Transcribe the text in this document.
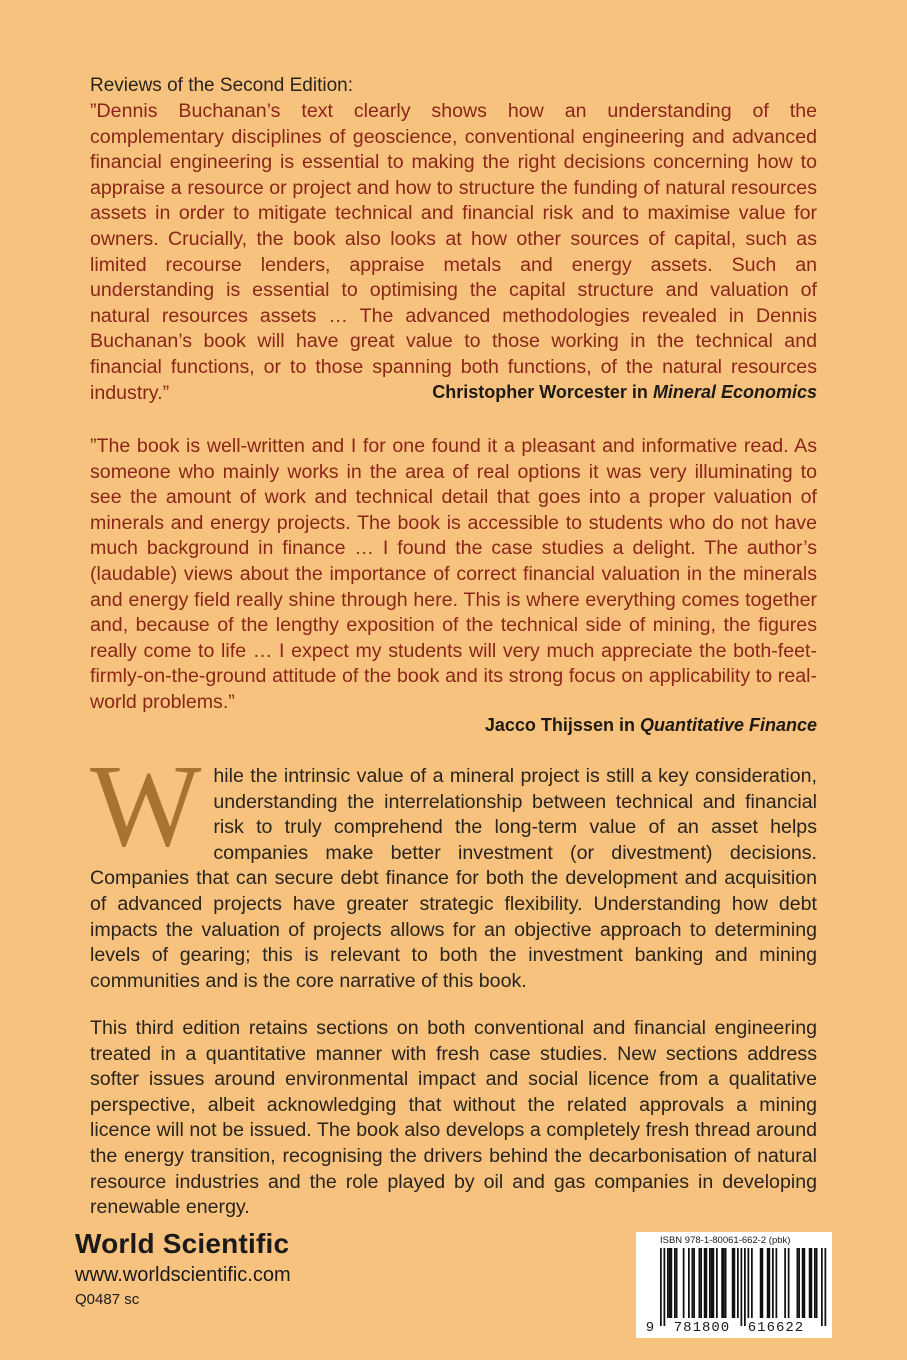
Reviews of the Second Edition:

”Dennis Buchanan’s text clearly shows how an understanding of the complementary disciplines of geoscience, conventional engineering and advanced financial engineering is essential to making the right decisions concerning how to appraise a resource or project and how to structure the funding of natural resources assets in order to mitigate technical and financial risk and to maximise value for owners. Crucially, the book also looks at how other sources of capital, such as limited recourse lenders, appraise metals and energy assets. Such an understanding is essential to optimising the capital structure and valuation of natural resources assets … The advanced methodologies revealed in Dennis Buchanan’s book will have great value to those working in the technical and financial functions, or to those spanning both functions, of the natural resources industry.”	Christopher Worcester in Mineral Economics

”The book is well-written and I for one found it a pleasant and informative read. As someone who mainly works in the area of real options it was very illuminating to see the amount of work and technical detail that goes into a proper valuation of minerals and energy projects. The book is accessible to students who do not have much background in finance … I found the case studies a delight. The author’s (laudable) views about the importance of correct financial valuation in the minerals and energy field really shine through here. This is where everything comes together and, because of the lengthy exposition of the technical side of mining, the figures really come to life … I expect my students will very much appreciate the both-feet-firmly-on-the-ground attitude of the book and its strong focus on applicability to real-world problems.”

Jacco Thijssen in Quantitative Finance

While the intrinsic value of a mineral project is still a key consideration, understanding the interrelationship between technical and financial risk to truly comprehend the long-term value of an asset helps companies make better investment (or divestment) decisions. Companies that can secure debt finance for both the development and acquisition of advanced projects have greater strategic flexibility. Understanding how debt impacts the valuation of projects allows for an objective approach to determining levels of gearing; this is relevant to both the investment banking and mining communities and is the core narrative of this book.

This third edition retains sections on both conventional and financial engineering treated in a quantitative manner with fresh case studies. New sections address softer issues around environmental impact and social licence from a qualitative perspective, albeit acknowledging that without the related approvals a mining licence will not be issued. The book also develops a completely fresh thread around the energy transition, recognising the drivers behind the decarbonisation of natural resource industries and the role played by oil and gas companies in developing renewable energy.

World Scientific
www.worldscientific.com
Q0487 sc
ISBN 978-1-80061-662-2 (pbk)
9 781800 616622
